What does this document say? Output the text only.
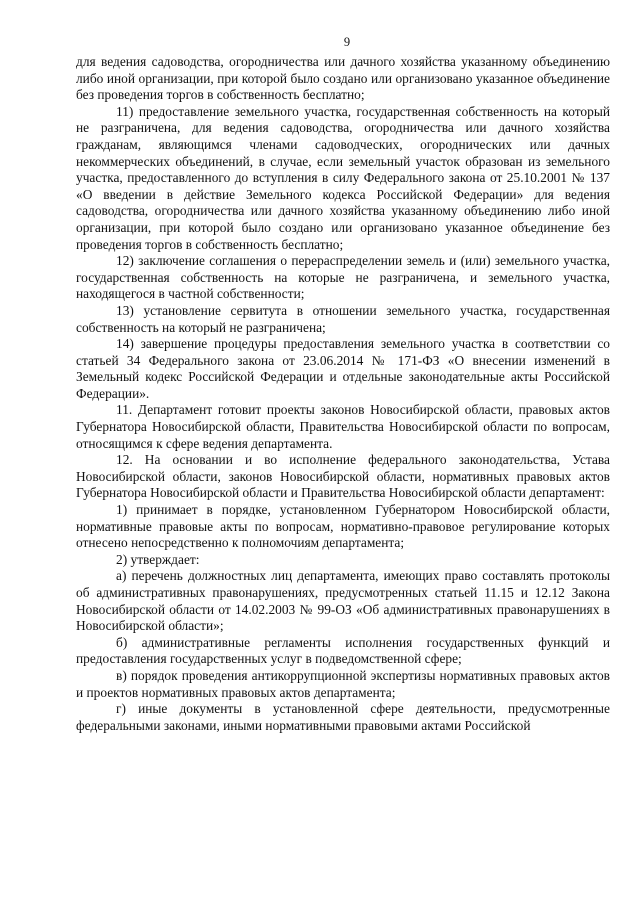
9

для ведения садоводства, огородничества или дачного хозяйства указанному объединению либо иной организации, при которой было создано или организовано указанное объединение без проведения торгов в собственность бесплатно;

11) предоставление земельного участка, государственная собственность на который не разграничена, для ведения садоводства, огородничества или дачного хозяйства гражданам, являющимся членами садоводческих, огороднических или дачных некоммерческих объединений, в случае, если земельный участок образован из земельного участка, предоставленного до вступления в силу Федерального закона от 25.10.2001 № 137 «О введении в действие Земельного кодекса Российской Федерации» для ведения садоводства, огородничества или дачного хозяйства указанному объединению либо иной организации, при которой было создано или организовано указанное объединение без проведения торгов в собственность бесплатно;

12) заключение соглашения о перераспределении земель и (или) земельного участка, государственная собственность на которые не разграничена, и земельного участка, находящегося в частной собственности;

13) установление сервитута в отношении земельного участка, государственная собственность на который не разграничена;

14) завершение процедуры предоставления земельного участка в соответствии со статьей 34 Федерального закона от 23.06.2014 № 171-ФЗ «О внесении изменений в Земельный кодекс Российской Федерации и отдельные законодательные акты Российской Федерации».

11. Департамент готовит проекты законов Новосибирской области, правовых актов Губернатора Новосибирской области, Правительства Новосибирской области по вопросам, относящимся к сфере ведения департамента.

12. На основании и во исполнение федерального законодательства, Устава Новосибирской области, законов Новосибирской области, нормативных правовых актов Губернатора Новосибирской области и Правительства Новосибирской области департамент:

1) принимает в порядке, установленном Губернатором Новосибирской области, нормативные правовые акты по вопросам, нормативно-правовое регулирование которых отнесено непосредственно к полномочиям департамента;

2) утверждает:

а) перечень должностных лиц департамента, имеющих право составлять протоколы об административных правонарушениях, предусмотренных статьей 11.15 и 12.12 Закона Новосибирской области от 14.02.2003 № 99-ОЗ «Об административных правонарушениях в Новосибирской области»;

б) административные регламенты исполнения государственных функций и предоставления государственных услуг в подведомственной сфере;

в) порядок проведения антикоррупционной экспертизы нормативных правовых актов и проектов нормативных правовых актов департамента;

г) иные документы в установленной сфере деятельности, предусмотренные федеральными законами, иными нормативными правовыми актами Российской
